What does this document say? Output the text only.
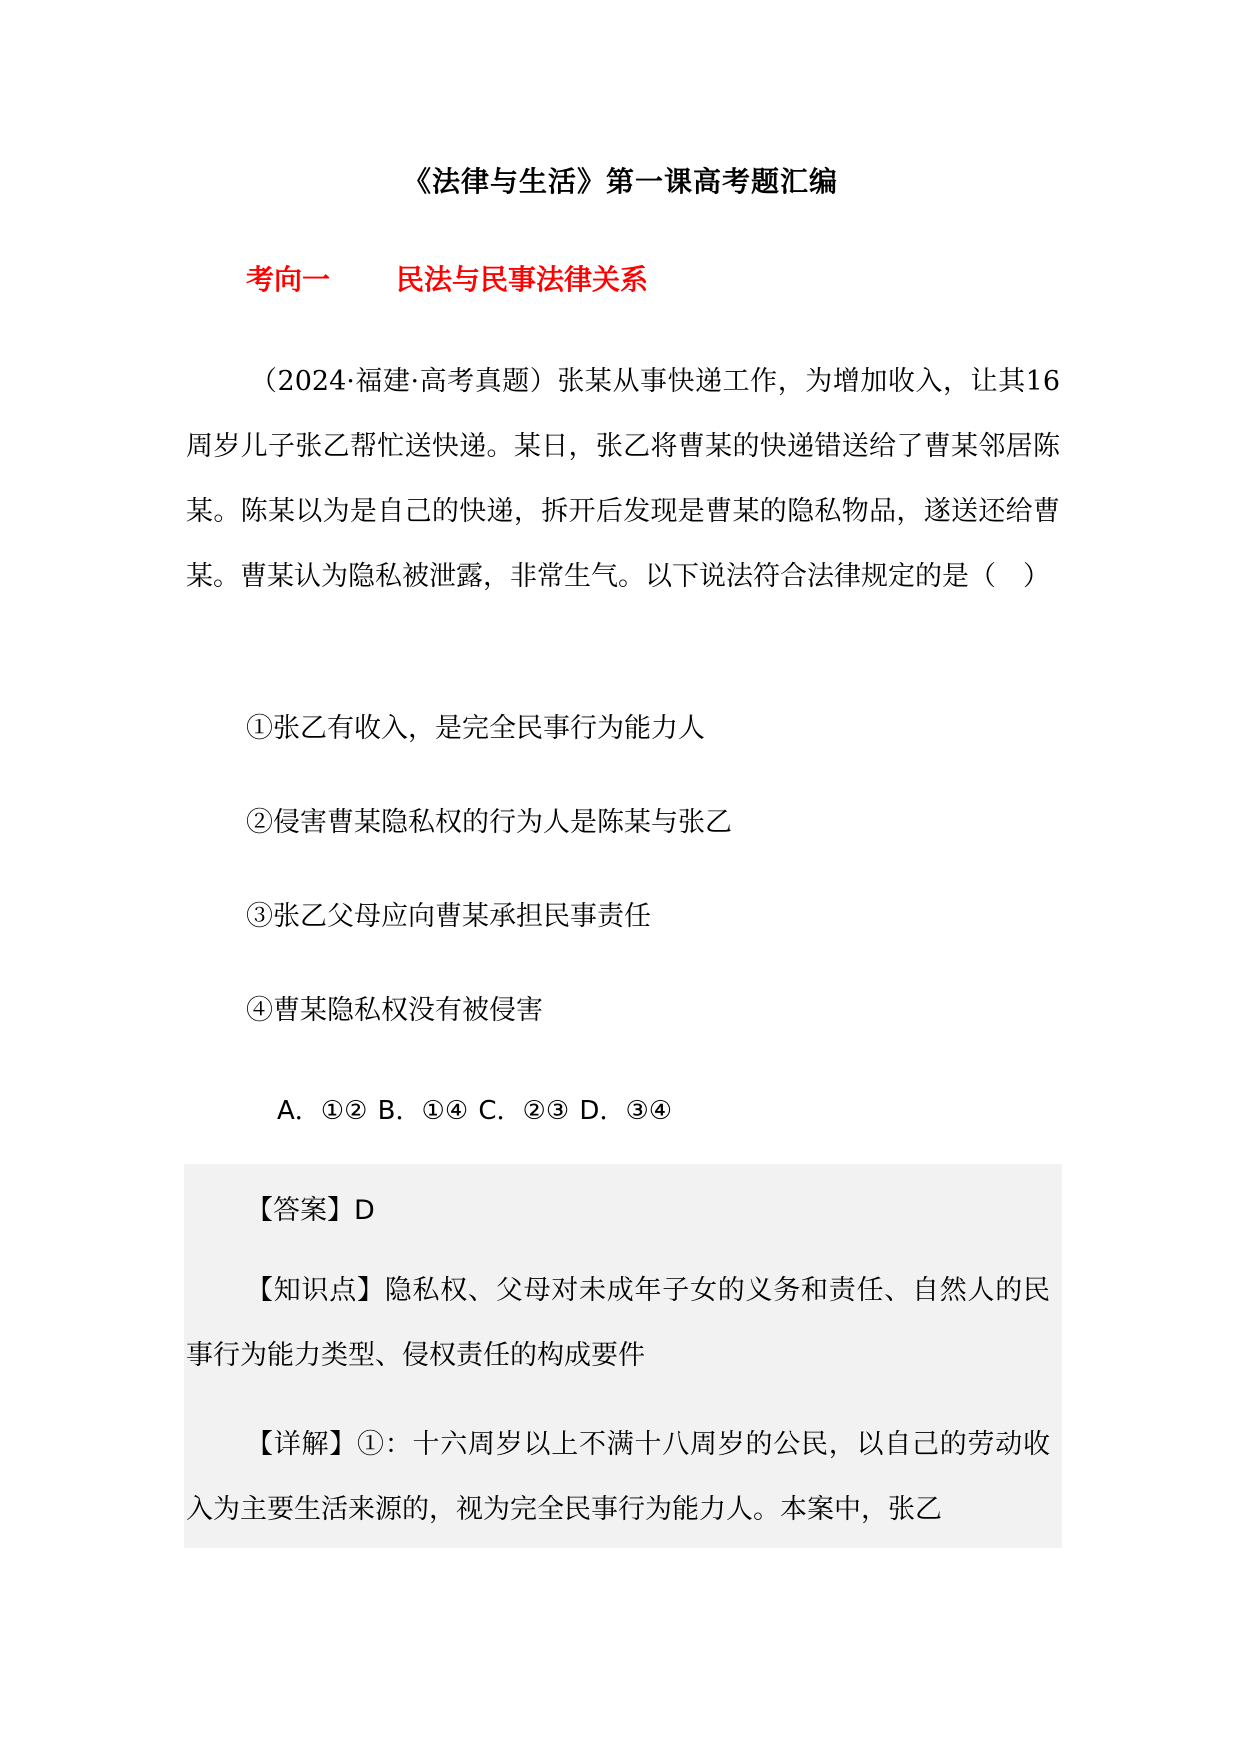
《法律与生活》第一课高考题汇编
考向一 民法与民事法律关系

（2024·福建·高考真题）张某从事快递工作，为增加收入，让其16周岁儿子张乙帮忙送快递。某日，张乙将曹某的快递错送给了曹某邻居陈某。陈某以为是自己的快递，拆开后发现是曹某的隐私物品，遂送还给曹某。曹某认为隐私被泄露，非常生气。以下说法符合法律规定的是（　）

①张乙有收入，是完全民事行为能力人

②侵害曹某隐私权的行为人是陈某与张乙

③张乙父母应向曹某承担民事责任

④曹某隐私权没有被侵害

A．①② B．①④ C．②③ D．③④

【答案】D

【知识点】隐私权、父母对未成年子女的义务和责任、自然人的民事行为能力类型、侵权责任的构成要件

【详解】①：十六周岁以上不满十八周岁的公民，以自己的劳动收入为主要生活来源的，视为完全民事行为能力人。本案中，张乙
